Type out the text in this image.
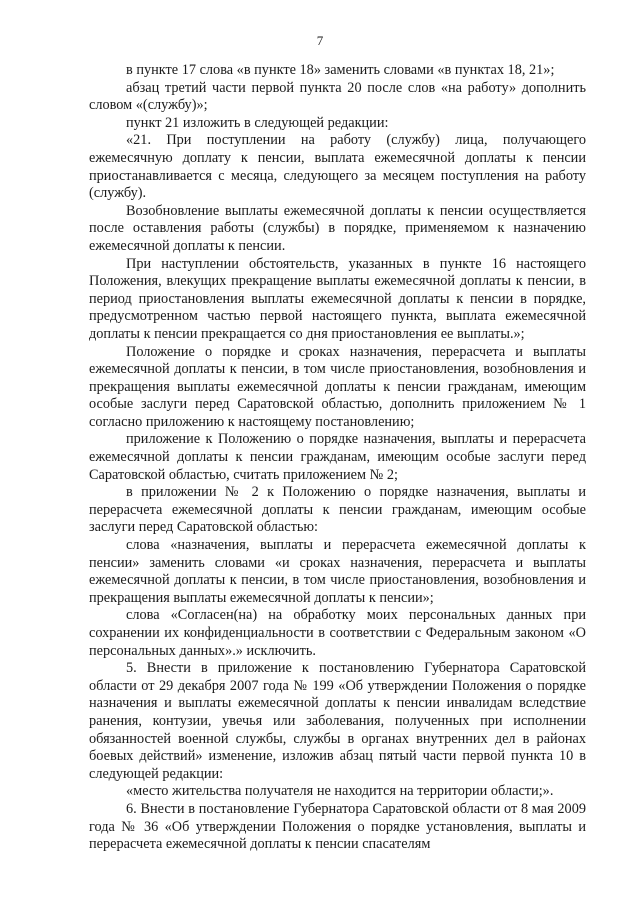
7

в пункте 17 слова «в пункте 18» заменить словами «в пунктах 18, 21»;

абзац третий части первой пункта 20 после слов «на работу» дополнить словом «(службу)»;

пункт 21 изложить в следующей редакции:

«21. При поступлении на работу (службу) лица, получающего ежемесячную доплату к пенсии, выплата ежемесячной доплаты к пенсии приостанавливается с месяца, следующего за месяцем поступления на работу (службу).

Возобновление выплаты ежемесячной доплаты к пенсии осуществляется после оставления работы (службы) в порядке, применяемом к назначению ежемесячной доплаты к пенсии.

При наступлении обстоятельств, указанных в пункте 16 настоящего Положения, влекущих прекращение выплаты ежемесячной доплаты к пенсии, в период приостановления выплаты ежемесячной доплаты к пенсии в порядке, предусмотренном частью первой настоящего пункта, выплата ежемесячной доплаты к пенсии прекращается со дня приостановления ее выплаты.»;

Положение о порядке и сроках назначения, перерасчета и выплаты ежемесячной доплаты к пенсии, в том числе приостановления, возобновления и прекращения выплаты ежемесячной доплаты к пенсии гражданам, имеющим особые заслуги перед Саратовской областью, дополнить приложением № 1 согласно приложению к настоящему постановлению;

приложение к Положению о порядке назначения, выплаты и перерасчета ежемесячной доплаты к пенсии гражданам, имеющим особые заслуги перед Саратовской областью, считать приложением № 2;

в приложении № 2 к Положению о порядке назначения, выплаты и перерасчета ежемесячной доплаты к пенсии гражданам, имеющим особые заслуги перед Саратовской областью:

слова «назначения, выплаты и перерасчета ежемесячной доплаты к пенсии» заменить словами «и сроках назначения, перерасчета и выплаты ежемесячной доплаты к пенсии, в том числе приостановления, возобновления и прекращения выплаты ежемесячной доплаты к пенсии»;

слова «Согласен(на) на обработку моих персональных данных при сохранении их конфиденциальности в соответствии с Федеральным законом «О персональных данных».» исключить.

5. Внести в приложение к постановлению Губернатора Саратовской области от 29 декабря 2007 года № 199 «Об утверждении Положения о порядке назначения и выплаты ежемесячной доплаты к пенсии инвалидам вследствие ранения, контузии, увечья или заболевания, полученных при исполнении обязанностей военной службы, службы в органах внутренних дел в районах боевых действий» изменение, изложив абзац пятый части первой пункта 10 в следующей редакции:

«место жительства получателя не находится на территории области;».

6. Внести в постановление Губернатора Саратовской области от 8 мая 2009 года № 36 «Об утверждении Положения о порядке установления, выплаты и перерасчета ежемесячной доплаты к пенсии спасателям
